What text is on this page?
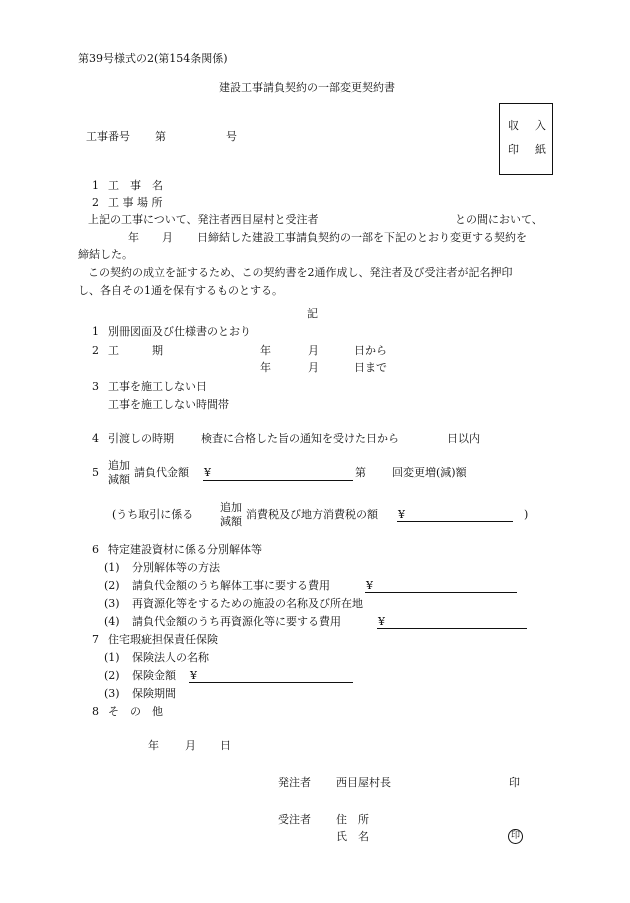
第39号様式の2(第154条関係)
建設工事請負契約の一部変更契約書
収 入
印 紙
工事番号 第	号
1 工　事　名
2 工 事 場 所
上記の工事について、発注者西目屋村と受注者	との間において、
年 月 日締結した建設工事請負契約の一部を下記のとおり変更する契約を
締結した。
この契約の成立を証するため、この契約書を2通作成し、発注者及び受注者が記名押印
し、各自その1通を保有するものとする。
記
1 別冊図面及び仕様書のとおり
2 工　　　期	年	月	日から
年	月	日まで
3 工事を施工しない日
工事を施工しない時間帯
4 引渡しの時期 検査に合格した旨の通知を受けた日から	日以内
5
追加
減額
請負代金額 ¥	第 回変更増(減)額
(うち取引に係る
追加
減額
消費税及び地方消費税の額 ¥	)
6 特定建設資材に係る分別解体等
(1) 分別解体等の方法
(2) 請負代金額のうち解体工事に要する費用	¥
(3) 再資源化等をするための施設の名称及び所在地
(4) 請負代金額のうち再資源化等に要する費用	¥
7 住宅瑕疵担保責任保険
(1) 保険法人の名称
(2) 保険金額 ¥
(3) 保険期間
8 そ　の　他
年 月 日
発注者 西目屋村長	印
受注者 住　所
氏　名	印
